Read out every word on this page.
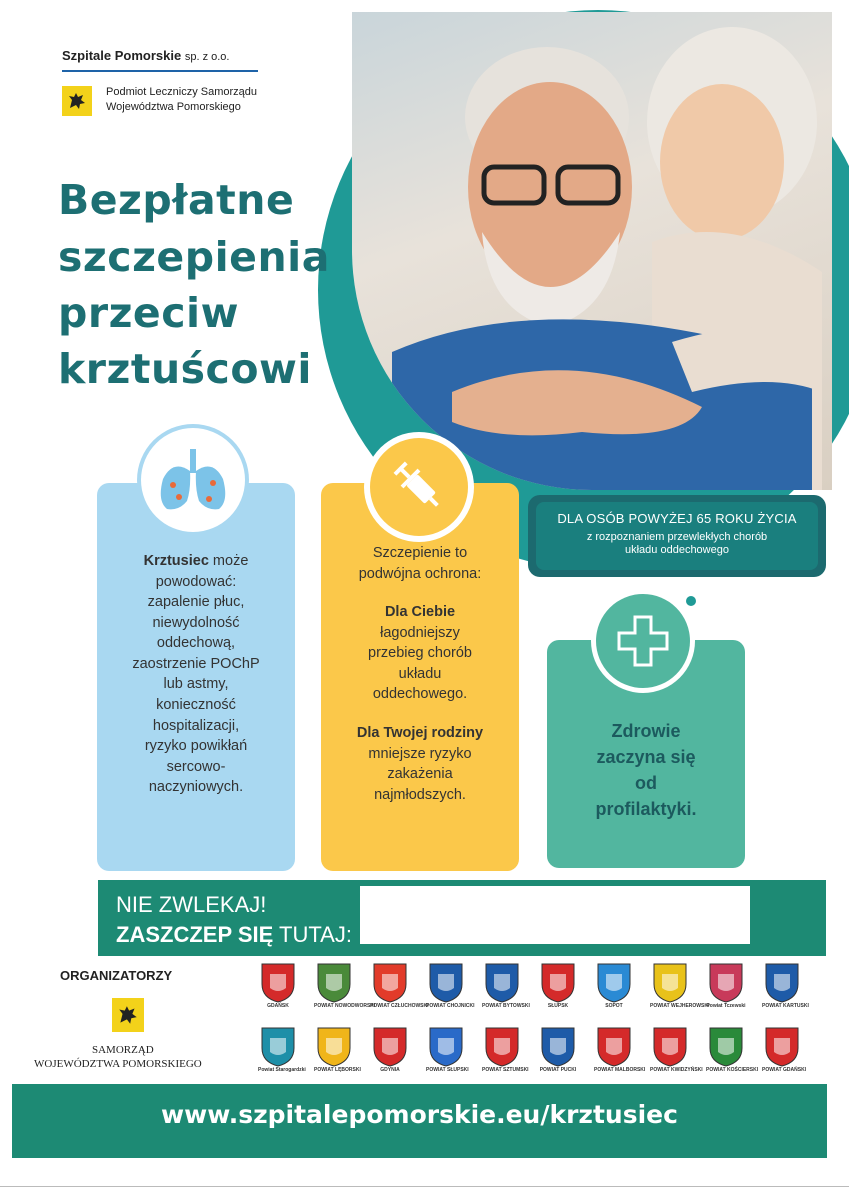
Szpitale Pomorskie sp. z o.o.
Podmiot Leczniczy Samorządu
Województwa Pomorskiego
Bezpłatne
szczepienia
przeciw
krztuścowi
DLA OSÓB POWYŻEJ 65 ROKU ŻYCIA
z rozpoznaniem przewlekłych chorób
układu oddechowego
Krztusiec może
powodować:
zapalenie płuc,
niewydolność
oddechową,
zaostrzenie POChP
lub astmy,
konieczność
hospitalizacji,
ryzyko powikłań
sercowo-
naczyniowych.
Szczepienie to
podwójna ochrona:
Dla Ciebie
łagodniejszy
przebieg chorób
układu
oddechowego.
Dla Twojej rodziny
mniejsze ryzyko
zakażenia
najmłodszych.
Zdrowie
zaczyna się
od
profilaktyki.
NIE ZWLEKAJ!
ZASZCZEP SIĘ TUTAJ:
ORGANIZATORZY
SAMORZĄD
WOJEWÓDZTWA POMORSKIEGO
GDAŃSK	POWIAT NOWODWORSKI
POWIAT CZŁUCHOWSKI
POWIAT CHOJNICKI POWIAT BYTOWSKI	SŁUPSK	SOPOT	POWIAT WEJHEROWSKI
Powiat Tczewski	POWIAT KARTUSKI
Powiat Starogardzki POWIAT LĘBORSKI	GDYNIA	POWIAT SŁUPSKI	POWIAT SZTUMSKI	POWIAT PUCKI	POWIAT MALBORSKI POWIAT KWIDZYŃSKI POWIAT KOŚCIERSKI POWIAT GDAŃSKI
www.szpitalepomorskie.eu/krztusiec
